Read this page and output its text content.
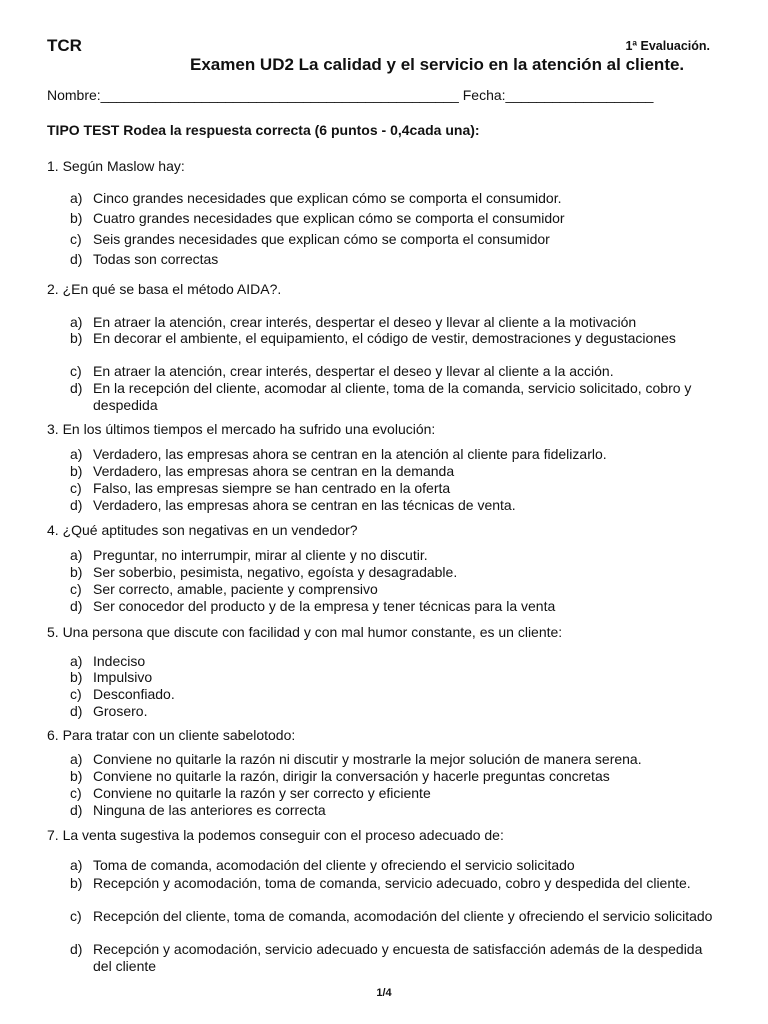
TCR	1ª Evaluación.
Examen UD2 La calidad y el servicio en la atención al cliente.
Nombre:______________________________________________ Fecha:___________________
TIPO TEST Rodea la respuesta correcta (6 puntos - 0,4cada una):
1. Según Maslow hay:
a) Cinco grandes necesidades que explican cómo se comporta el consumidor.
b) Cuatro grandes necesidades que explican cómo se comporta el consumidor
c) Seis grandes necesidades que explican cómo se comporta el consumidor
d) Todas son correctas
2. ¿En qué se basa el método AIDA?.
a) En atraer la atención, crear interés, despertar el deseo y llevar al cliente a la motivación
b) En decorar el ambiente, el equipamiento, el código de vestir, demostraciones y degustaciones
c) En atraer la atención, crear interés, despertar el deseo y llevar al cliente a la acción.
d) En la recepción del cliente, acomodar al cliente, toma de la comanda, servicio solicitado, cobro y despedida
3. En los últimos tiempos el mercado ha sufrido una evolución:
a) Verdadero, las empresas ahora se centran en la atención al cliente para fidelizarlo.
b) Verdadero, las empresas ahora se centran en la demanda
c) Falso, las empresas siempre se han centrado en la oferta
d) Verdadero, las empresas ahora se centran en las técnicas de venta.
4. ¿Qué aptitudes son negativas en un vendedor?
a) Preguntar, no interrumpir, mirar al cliente y no discutir.
b) Ser soberbio, pesimista, negativo, egoísta y desagradable.
c) Ser correcto, amable, paciente y comprensivo
d) Ser conocedor del producto y de la empresa y tener técnicas para la venta
5. Una persona que discute con facilidad y con mal humor constante, es un cliente:
a) Indeciso
b) Impulsivo
c) Desconfiado.
d) Grosero.
6. Para tratar con un cliente sabelotodo:
a) Conviene no quitarle la razón ni discutir y mostrarle la mejor solución de manera serena.
b) Conviene no quitarle la razón, dirigir la conversación y hacerle preguntas concretas
c) Conviene no quitarle la razón y ser correcto y eficiente
d) Ninguna de las anteriores es correcta
7. La venta sugestiva la podemos conseguir con el proceso adecuado de:
a) Toma de comanda, acomodación del cliente y ofreciendo el servicio solicitado
b) Recepción y acomodación, toma de comanda, servicio adecuado, cobro y despedida del cliente.
c) Recepción del cliente, toma de comanda, acomodación del cliente y ofreciendo el servicio solicitado
d) Recepción y acomodación, servicio adecuado y encuesta de satisfacción además de la despedida del cliente
1/4
